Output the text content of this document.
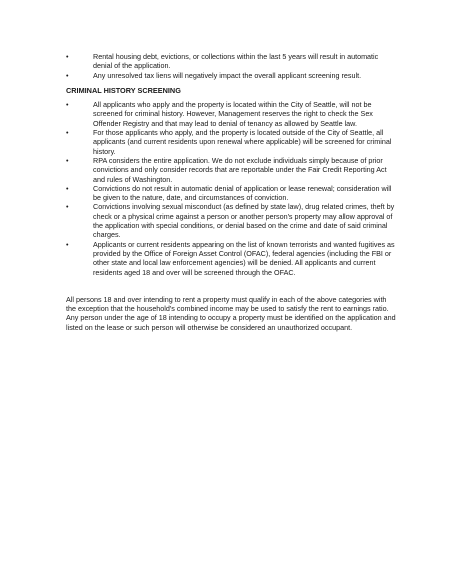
•	Rental housing debt, evictions, or collections within the last 5 years will result in automatic denial of the application.
•	Any unresolved tax liens will negatively impact the overall applicant screening result.
CRIMINAL HISTORY SCREENING
•	All applicants who apply and the property is located within the City of Seattle, will not be screened for criminal history. However, Management reserves the right to check the Sex Offender Registry and that may lead to denial of tenancy as allowed by Seattle law.
•	For those applicants who apply, and the property is located outside of the City of Seattle, all applicants (and current residents upon renewal where applicable) will be screened for criminal history.
•	RPA considers the entire application. We do not exclude individuals simply because of prior convictions and only consider records that are reportable under the Fair Credit Reporting Act and rules of Washington.
•	Convictions do not result in automatic denial of application or lease renewal; consideration will be given to the nature, date, and circumstances of conviction.
•	Convictions involving sexual misconduct (as defined by state law), drug related crimes, theft by check or a physical crime against a person or another person's property may allow approval of the application with special conditions, or denial based on the crime and date of said criminal charges.
•	Applicants or current residents appearing on the list of known terrorists and wanted fugitives as provided by the Office of Foreign Asset Control (OFAC), federal agencies (including the FBI or other state and local law enforcement agencies) will be denied. All applicants and current residents aged 18 and over will be screened through the OFAC.

All persons 18 and over intending to rent a property must qualify in each of the above categories with the exception that the household's combined income may be used to satisfy the rent to earnings ratio. Any person under the age of 18 intending to occupy a property must be identified on the application and listed on the lease or such person will otherwise be considered an unauthorized occupant.
